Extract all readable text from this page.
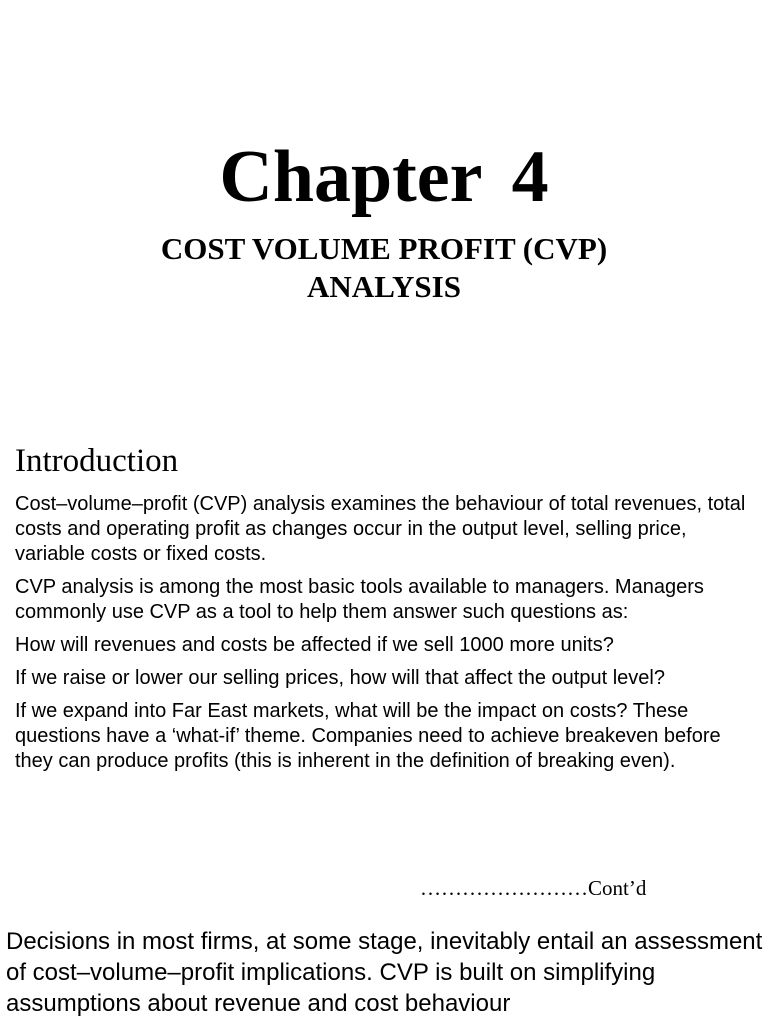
Chapter 4
COST VOLUME PROFIT (CVP)
ANALYSIS
Introduction

Cost–volume–profit (CVP) analysis examines the behaviour of total revenues, total costs and operating profit as changes occur in the output level, selling price, variable costs or fixed costs.

CVP analysis is among the most basic tools available to managers. Managers commonly use CVP as a tool to help them answer such questions as:

How will revenues and costs be affected if we sell 1000 more units?

If we raise or lower our selling prices, how will that affect the output level?

If we expand into Far East markets, what will be the impact on costs? These questions have a ‘what-if’ theme. Companies need to achieve breakeven before they can produce profits (this is inherent in the definition of breaking even).

……………………Cont’d

Decisions in most firms, at some stage, inevitably entail an assessment of cost–volume–profit implications. CVP is built on simplifying assumptions about revenue and cost behaviour
